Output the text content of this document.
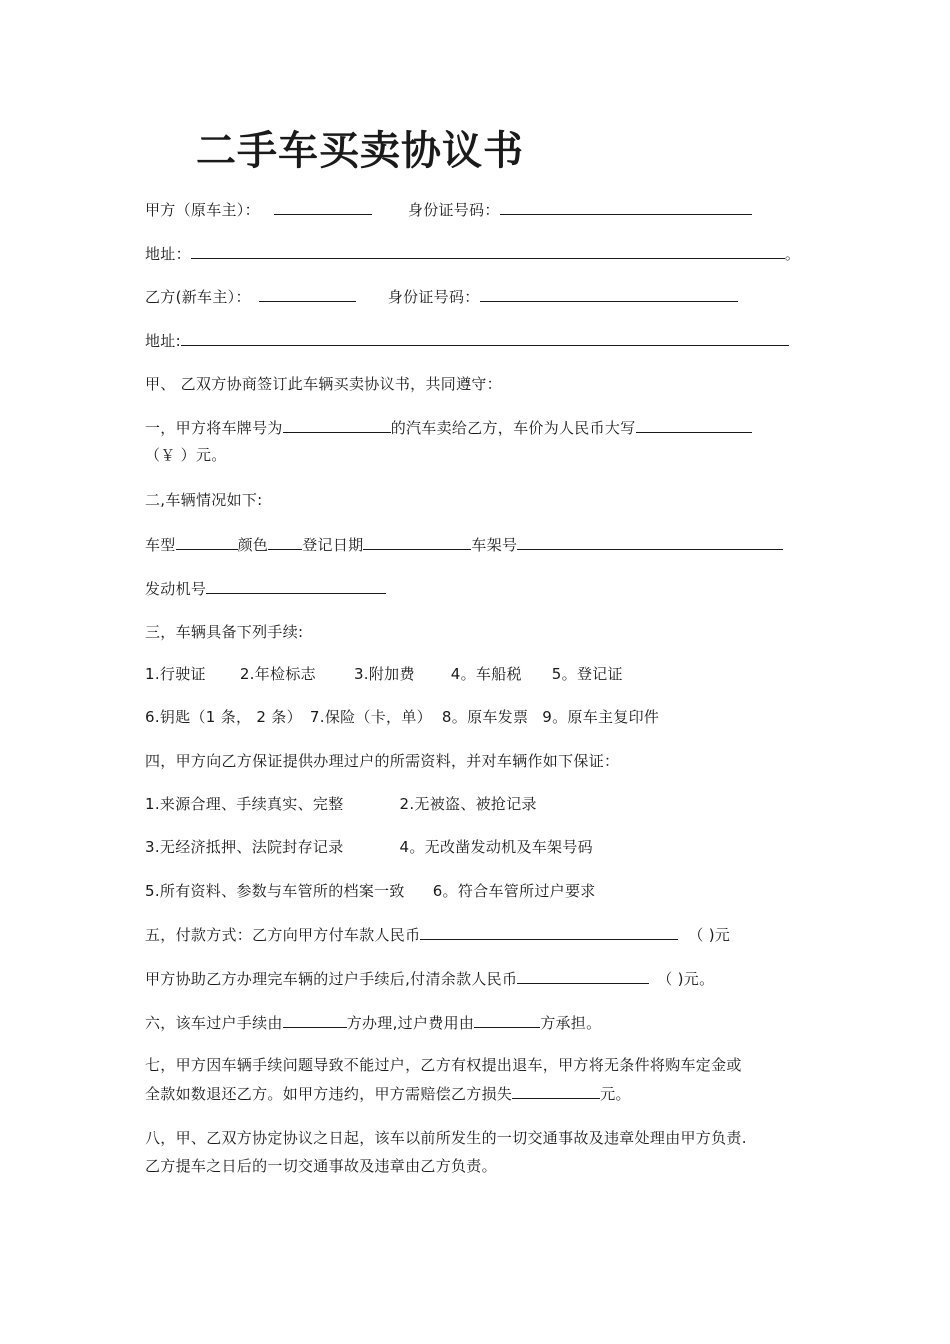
二手车买卖协议书
甲方（原车主）：	身份证号码：
地址：	。
乙方(新车主）：	身份证号码：
地址:
甲、 乙双方协商签订此车辆买卖协议书，共同遵守：
一，甲方将车牌号为	的汽车卖给乙方，车价为人民币大写
（￥ ）元。
二,车辆情况如下:
车型	颜色 登记日期	车架号
发动机号
三，车辆具备下列手续:
1.行驶证 2.年检标志	3.附加费 4。车船税 5。登记证
6.钥匙（1 条， 2 条） 7.保险（卡，单） 8。原车发票 9。原车主复印件
四，甲方向乙方保证提供办理过户的所需资料，并对车辆作如下保证：
1.来源合理、手续真实、完整	2.无被盗、被抢记录
3.无经济抵押、法院封存记录	4。无改凿发动机及车架号码
5.所有资料、参数与车管所的档案一致 6。符合车管所过户要求
五，付款方式：乙方向甲方付车款人民币	（ )元
甲方协助乙方办理完车辆的过户手续后,付清余款人民币	（ )元。
六，该车过户手续由	方办理,过户费用由	方承担。
七，甲方因车辆手续问题导致不能过户，乙方有权提出退车，甲方将无条件将购车定金或
全款如数退还乙方。如甲方违约，甲方需赔偿乙方损失	元。
八，甲、乙双方协定协议之日起，该车以前所发生的一切交通事故及违章处理由甲方负责.
乙方提车之日后的一切交通事故及违章由乙方负责。
